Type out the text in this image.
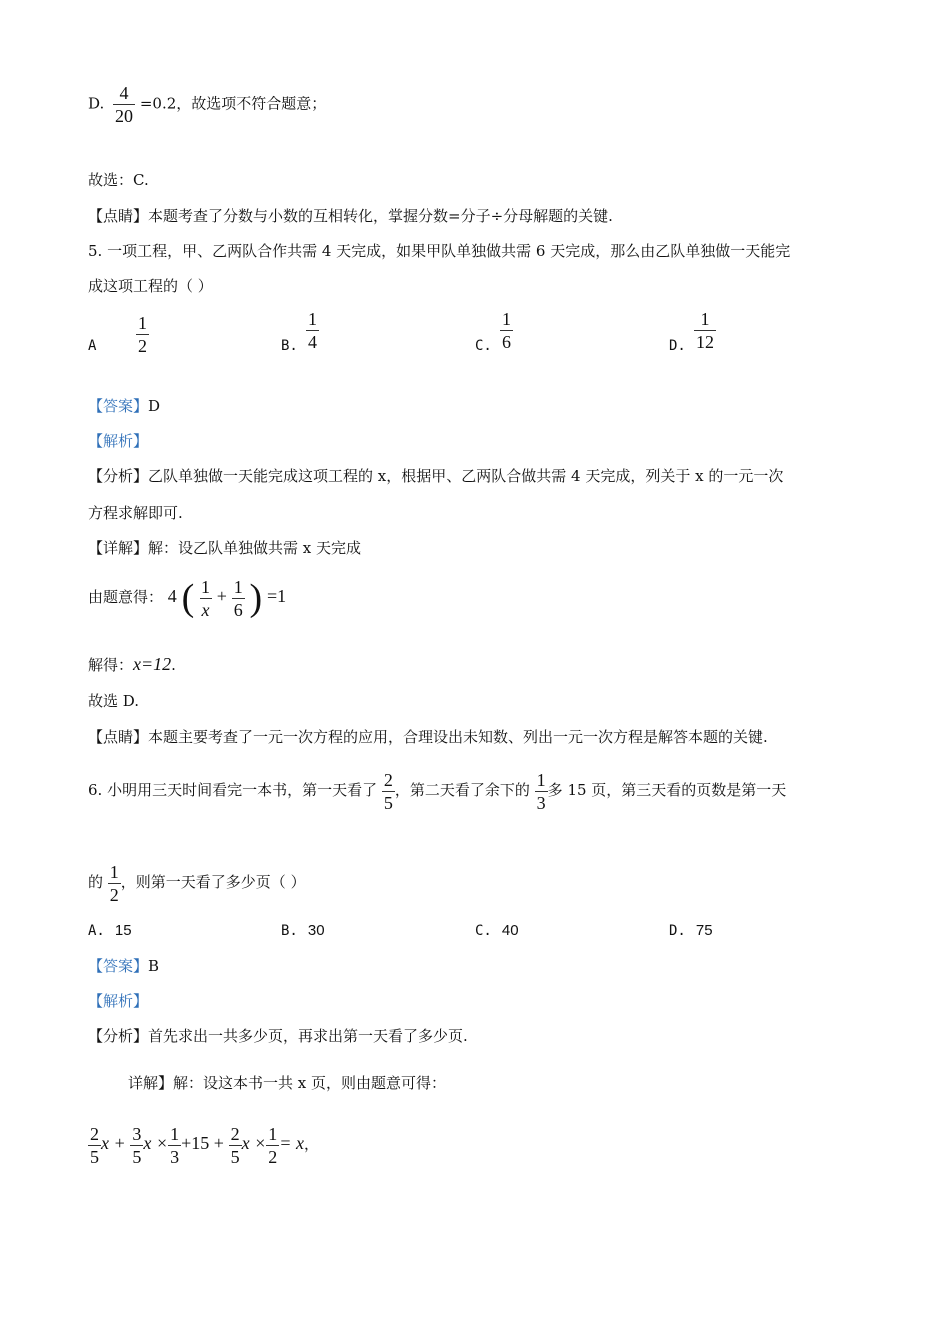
D. $\frac{4}{20} =0.2$，故选项不符合题意；
故选：C.
【点睛】本题考查了分数与小数的互相转化，掌握分数=分子÷分母解题的关键.
5. 一项工程，甲、乙两队合作共需 4 天完成，如果甲队单独做共需 6 天完成，那么由乙队单独做一天能完
成这项工程的（ ）
A $\frac{1}{2}$	B. $\frac{1}{4}$	C. $\frac{1}{6}$	D. $\frac{1}{12}$
【答案】D
【解析】
【分析】乙队单独做一天能完成这项工程的 x，根据甲、乙两队合做共需 4 天完成，列关于 x 的一元一次
方程求解即可.
【详解】解：设乙队单独做共需 x 天完成
由题意得： 4 ( $\frac{1}{x} + \frac{1}{6}$ ) =1
解得：x=12.
故选 D.
【点睛】本题主要考查了一元一次方程的应用，合理设出未知数、列出一元一次方程是解答本题的关键.
6. 小明用三天时间看完一本书，第一天看了 $\frac{2}{5}$ ，第二天看了余下的 $\frac{1}{3}$ 多 15 页，第三天看的页数是第一天
的 $\frac{1}{2}$ ，则第一天看了多少页（ ）
A. 15	B. 30	C. 40	D. 75
【答案】B
【解析】
【分析】首先求出一共多少页，再求出第一天看了多少页.
详解】解：设这本书一共 x 页，则由题意可得：
$\frac{2}{5}$ $x + \frac{3}{5}$ $x \times \frac{1}{3} +15 + \frac{2}{5}$ $x \times \frac{1}{2} = x$，
